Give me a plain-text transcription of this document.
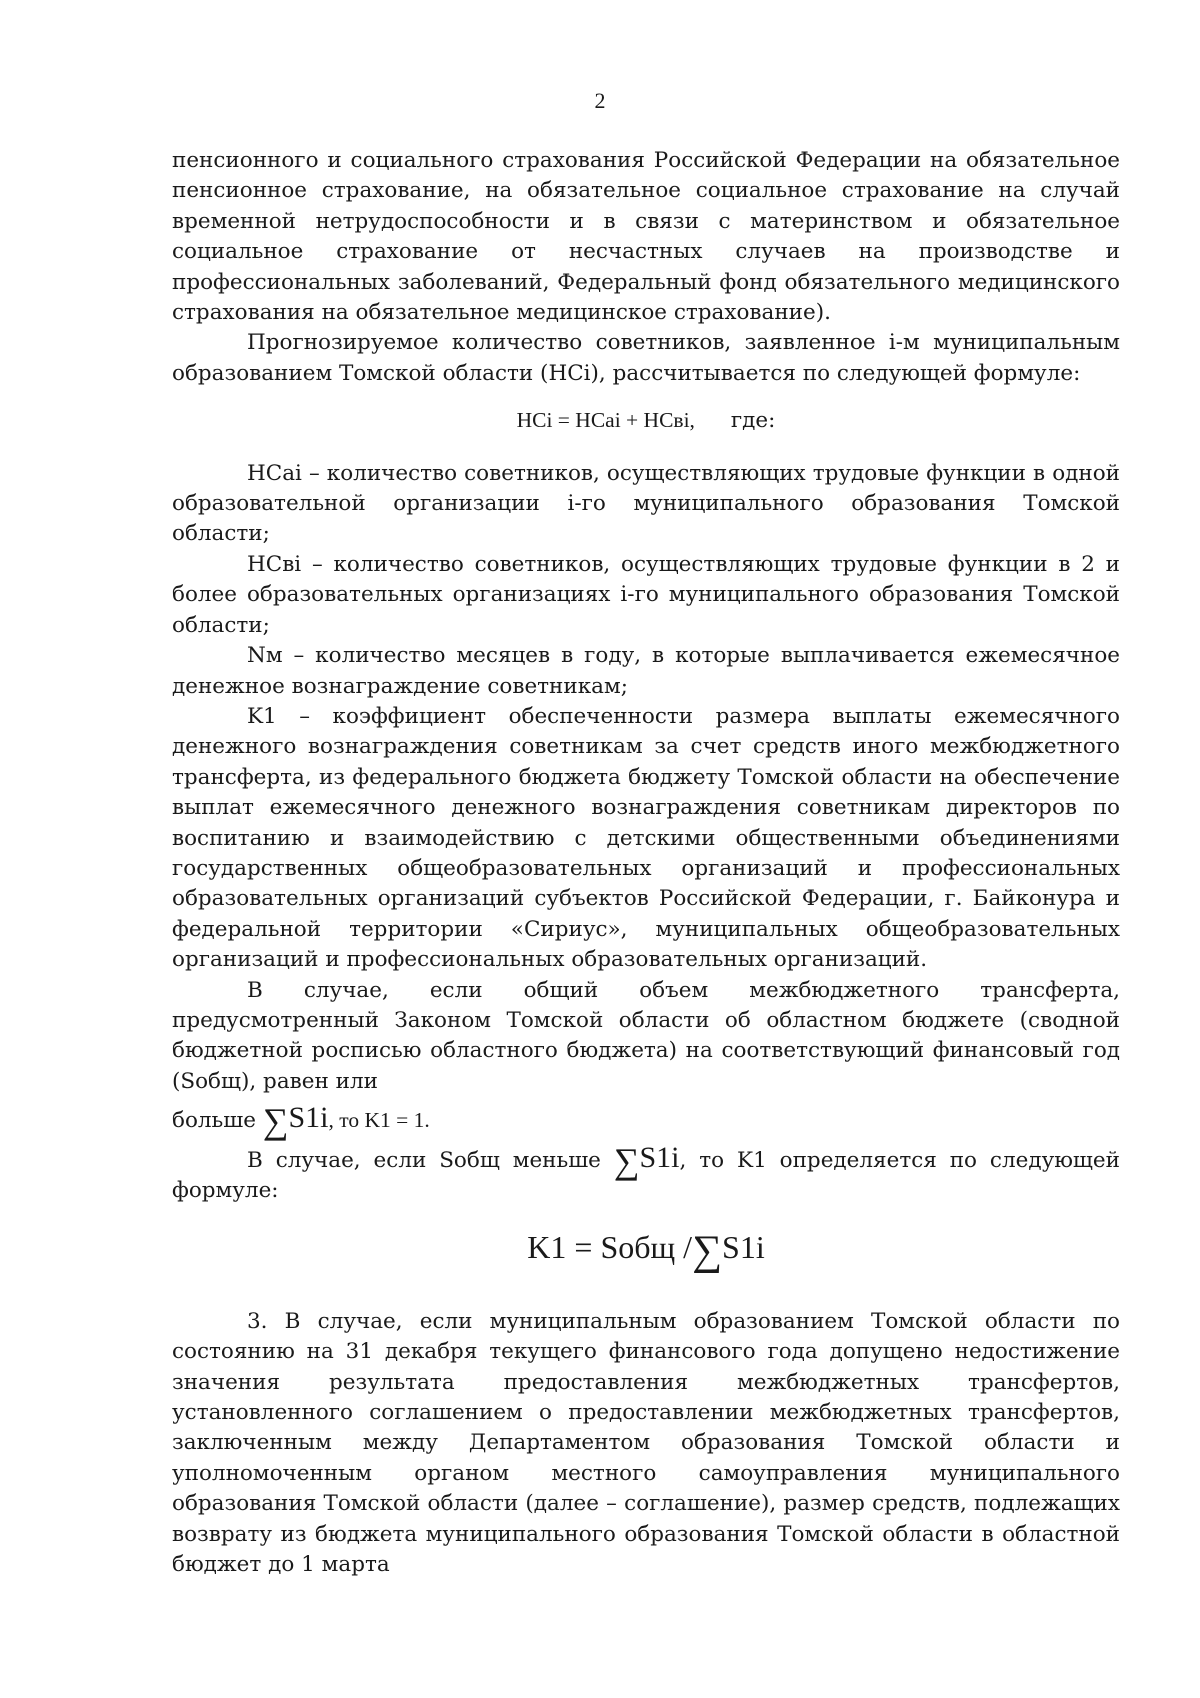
2

пенсионного и социального страхования Российской Федерации на обязательное пенсионное страхование, на обязательное социальное страхование на случай временной нетрудоспособности и в связи с материнством и обязательное социальное страхование от несчастных случаев на производстве и профессиональных заболеваний, Федеральный фонд обязательного медицинского страхования на обязательное медицинское страхование).

Прогнозируемое количество советников, заявленное i-м муниципальным образованием Томской области (НСi), рассчитывается по следующей формуле:

НСi = НСаi + НСвi, где:

НСаi – количество советников, осуществляющих трудовые функции в одной образовательной организации i-го муниципального образования Томской области;

НСвi – количество советников, осуществляющих трудовые функции в 2 и более образовательных организациях i-го муниципального образования Томской области;

Nм – количество месяцев в году, в которые выплачивается ежемесячное денежное вознаграждение советникам;

K1 – коэффициент обеспеченности размера выплаты ежемесячного денежного вознаграждения советникам за счет средств иного межбюджетного трансферта, из федерального бюджета бюджету Томской области на обеспечение выплат ежемесячного денежного вознаграждения советникам директоров по воспитанию и взаимодействию с детскими общественными объединениями государственных общеобразовательных организаций и профессиональных образовательных организаций субъектов Российской Федерации, г. Байконура и федеральной территории «Сириус», муниципальных общеобразовательных организаций и профессиональных образовательных организаций.

В случае, если общий объем межбюджетного трансферта, предусмотренный Законом Томской области об областном бюджете (сводной бюджетной росписью областного бюджета) на соответствующий финансовый год (Sобщ), равен или

больше ∑S1i, то K1 = 1.

В случае, если Sобщ меньше ∑S1i, то K1 определяется по следующей

формуле:

K1 = Sобщ /∑S1i

3. В случае, если муниципальным образованием Томской области по состоянию на 31 декабря текущего финансового года допущено недостижение значения результата предоставления межбюджетных трансфертов, установленного соглашением о предоставлении межбюджетных трансфертов, заключенным между Департаментом образования Томской области и уполномоченным органом местного самоуправления муниципального образования Томской области (далее – соглашение), размер средств, подлежащих возврату из бюджета муниципального образования Томской области в областной бюджет до 1 марта
